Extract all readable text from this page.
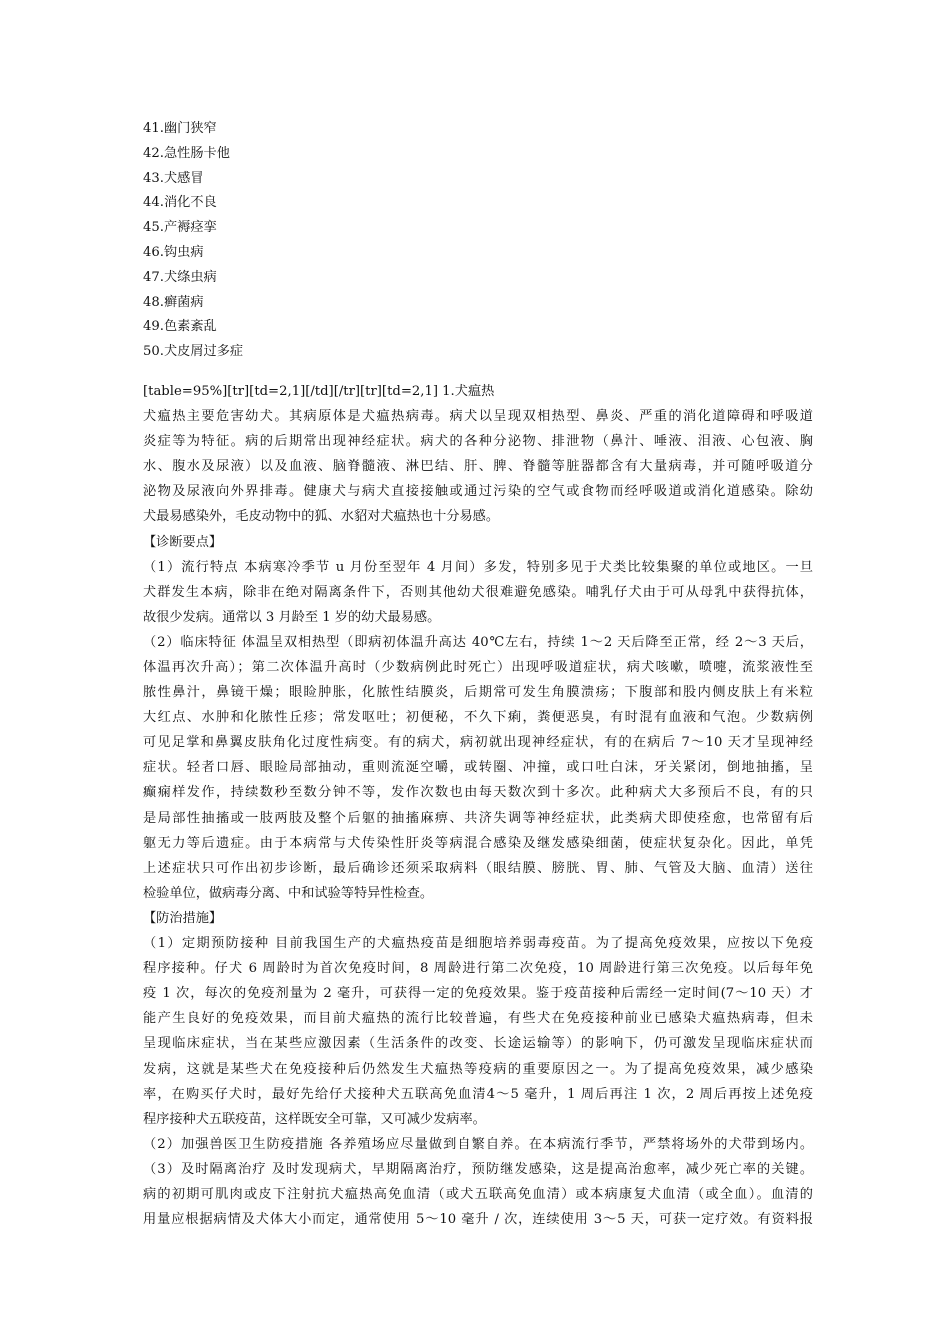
41.幽门狭窄
42.急性肠卡他
43.犬感冒
44.消化不良
45.产褥痉挛
46.钩虫病
47.犬绦虫病
48.癣菌病
49.色素紊乱
50.犬皮屑过多症
[table=95%][tr][td=2,1][/td][/tr][tr][td=2,1] 1.犬瘟热
犬瘟热主要危害幼犬。其病原体是犬瘟热病毒。病犬以呈现双相热型、鼻炎、严重的消化道障碍和呼吸道
炎症等为特征。病的后期常出现神经症状。病犬的各种分泌物、排泄物（鼻汁、唾液、泪液、心包液、胸
水、腹水及尿液）以及血液、脑脊髓液、淋巴结、肝、脾、脊髓等脏器都含有大量病毒，并可随呼吸道分
泌物及尿液向外界排毒。健康犬与病犬直接接触或通过污染的空气或食物而经呼吸道或消化道感染。除幼
犬最易感染外，毛皮动物中的狐、水貂对犬瘟热也十分易感。
【诊断要点】
（1）流行特点 本病寒冷季节 u 月份至翌年 4 月间）多发，特别多见于犬类比较集聚的单位或地区。一旦
犬群发生本病，除非在绝对隔离条件下，否则其他幼犬很难避免感染。哺乳仔犬由于可从母乳中获得抗体，
故很少发病。通常以 3 月龄至 1 岁的幼犬最易感。
（2）临床特征 体温呈双相热型（即病初体温升高达 40℃左右，持续 1～2 天后降至正常，经 2～3 天后，
体温再次升高）；第二次体温升高时（少数病例此时死亡）出现呼吸道症状，病犬咳嗽，喷嚏，流浆液性至
脓性鼻汁，鼻镜干燥；眼睑肿胀，化脓性结膜炎，后期常可发生角膜溃疡；下腹部和股内侧皮肤上有米粒
大红点、水肿和化脓性丘疹；常发呕吐；初便秘，不久下痢，粪便恶臭，有时混有血液和气泡。少数病例
可见足掌和鼻翼皮肤角化过度性病变。有的病犬，病初就出现神经症状，有的在病后 7～10 天才呈现神经
症状。轻者口唇、眼睑局部抽动，重则流涎空嚼，或转圈、冲撞，或口吐白沫，牙关紧闭，倒地抽搐，呈
癫痫样发作，持续数秒至数分钟不等，发作次数也由每天数次到十多次。此种病犬大多预后不良，有的只
是局部性抽搐或一肢两肢及整个后躯的抽搐麻痹、共济失调等神经症状，此类病犬即使痊愈，也常留有后
躯无力等后遗症。由于本病常与犬传染性肝炎等病混合感染及继发感染细菌，使症状复杂化。因此，单凭
上述症状只可作出初步诊断，最后确诊还须采取病料（眼结膜、膀胱、胃、肺、气管及大脑、血清）送往
检验单位，做病毒分离、中和试验等特异性检查。
【防治措施】
（1）定期预防接种 目前我国生产的犬瘟热疫苗是细胞培养弱毒疫苗。为了提高免疫效果，应按以下免疫
程序接种。仔犬 6 周龄时为首次免疫时间，8 周龄进行第二次免疫，10 周龄进行第三次免疫。以后每年免
疫 1 次，每次的免疫剂量为 2 毫升，可获得一定的免疫效果。鉴于疫苗接种后需经一定时间(7～10 天）才
能产生良好的免疫效果，而目前犬瘟热的流行比较普遍，有些犬在免疫接种前业已感染犬瘟热病毒，但未
呈现临床症状，当在某些应激因素（生活条件的改变、长途运输等）的影响下，仍可激发呈现临床症状而
发病，这就是某些犬在免疫接种后仍然发生犬瘟热等疫病的重要原因之一。为了提高免疫效果，减少感染
率，在购买仔犬时，最好先给仔犬接种犬五联高免血清4～5 毫升，1 周后再注 1 次，2 周后再按上述免疫
程序接种犬五联疫苗，这样既安全可靠，又可减少发病率。
（2）加强兽医卫生防疫措施 各养殖场应尽量做到自繁自养。在本病流行季节，严禁将场外的犬带到场内。
（3）及时隔离治疗 及时发现病犬，早期隔离治疗，预防继发感染，这是提高治愈率，减少死亡率的关键。
病的初期可肌肉或皮下注射抗犬瘟热高免血清（或犬五联高免血清）或本病康复犬血清（或全血）。血清的
用量应根据病情及犬体大小而定，通常使用 5～10 毫升 / 次，连续使用 3～5 天，可获一定疗效。有资料报
